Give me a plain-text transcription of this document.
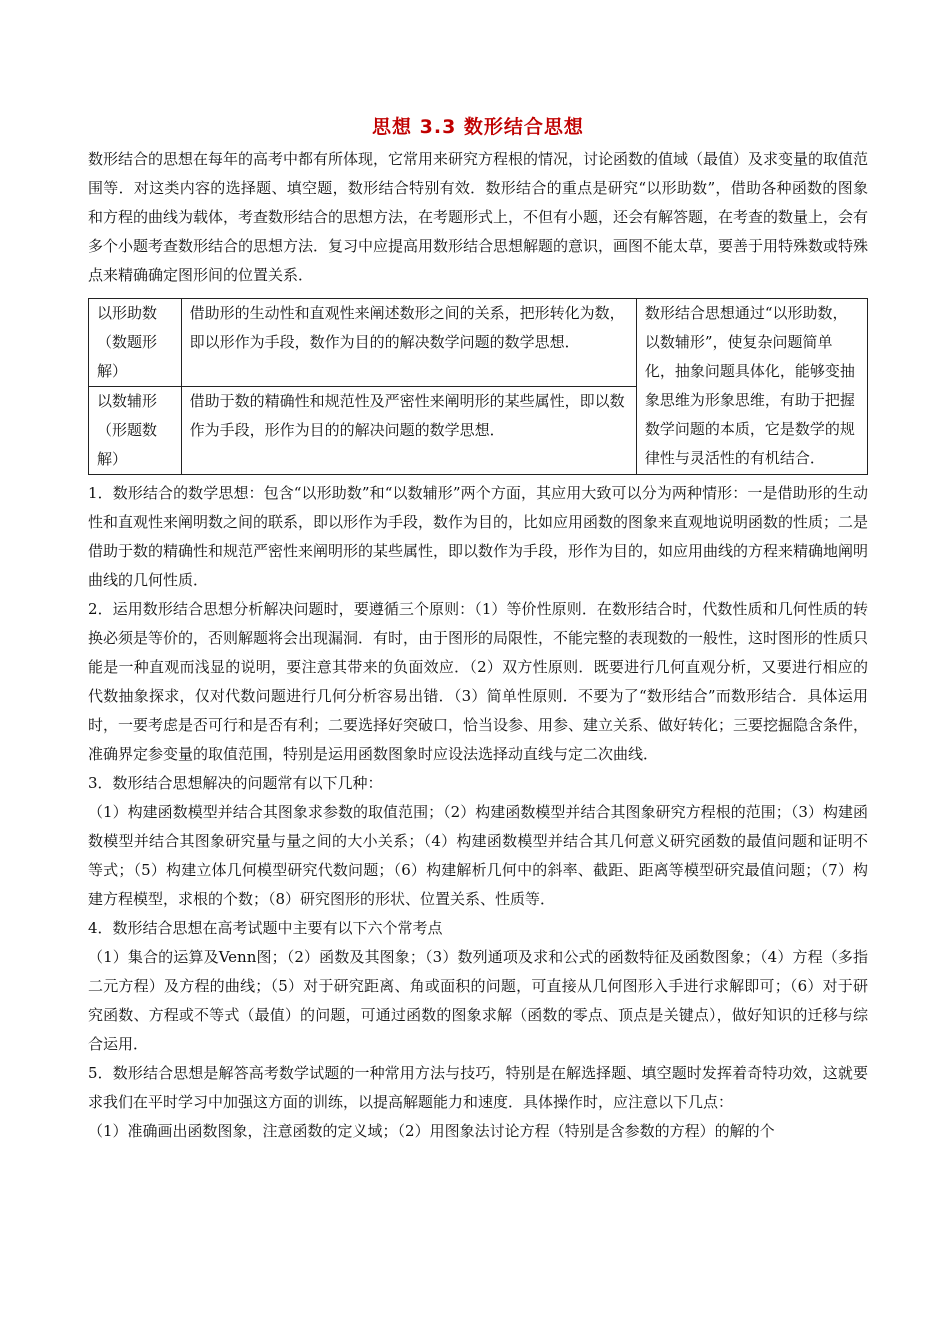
思想 3.3 数形结合思想

数形结合的思想在每年的高考中都有所体现，它常用来研究方程根的情况，讨论函数的值域（最值）及求变量的取值范围等．对这类内容的选择题、填空题，数形结合特别有效．数形结合的重点是研究“以形助数”，借助各种函数的图象和方程的曲线为载体，考查数形结合的思想方法，在考题形式上，不但有小题，还会有解答题，在考查的数量上，会有多个小题考查数形结合的思想方法．复习中应提高用数形结合思想解题的意识，画图不能太草，要善于用特殊数或特殊点来精确确定图形间的位置关系．

以形助数（数题形解）	借助形的生动性和直观性来阐述数形之间的关系，把形转化为数，即以形作为手段，数作为目的的解决数学问题的数学思想．	数形结合思想通过“以形助数，以数辅形”，使复杂问题简单化，抽象问题具体化，能够变抽象思维为形象思维，有助于把握数学问题的本质，它是数学的规律性与灵活性的有机结合．
以数辅形（形题数解）	借助于数的精确性和规范性及严密性来阐明形的某些属性，即以数作为手段，形作为目的的解决问题的数学思想．	

1．数形结合的数学思想：包含“以形助数”和“以数辅形”两个方面，其应用大致可以分为两种情形：一是借助形的生动性和直观性来阐明数之间的联系，即以形作为手段，数作为目的，比如应用函数的图象来直观地说明函数的性质；二是借助于数的精确性和规范严密性来阐明形的某些属性，即以数作为手段，形作为目的，如应用曲线的方程来精确地阐明曲线的几何性质．

2．运用数形结合思想分析解决问题时，要遵循三个原则：（1）等价性原则．在数形结合时，代数性质和几何性质的转换必须是等价的，否则解题将会出现漏洞．有时，由于图形的局限性，不能完整的表现数的一般性，这时图形的性质只能是一种直观而浅显的说明，要注意其带来的负面效应．（2）双方性原则．既要进行几何直观分析，又要进行相应的代数抽象探求，仅对代数问题进行几何分析容易出错．（3）简单性原则．不要为了“数形结合”而数形结合．具体运用时，一要考虑是否可行和是否有利；二要选择好突破口，恰当设参、用参、建立关系、做好转化；三要挖掘隐含条件，准确界定参变量的取值范围，特别是运用函数图象时应设法选择动直线与定二次曲线．

3．数形结合思想解决的问题常有以下几种：

（1）构建函数模型并结合其图象求参数的取值范围；（2）构建函数模型并结合其图象研究方程根的范围；（3）构建函数模型并结合其图象研究量与量之间的大小关系；（4）构建函数模型并结合其几何意义研究函数的最值问题和证明不等式；（5）构建立体几何模型研究代数问题；（6）构建解析几何中的斜率、截距、距离等模型研究最值问题；（7）构建方程模型，求根的个数；（8）研究图形的形状、位置关系、性质等．

4．数形结合思想在高考试题中主要有以下六个常考点

（1）集合的运算及Venn图；（2）函数及其图象；（3）数列通项及求和公式的函数特征及函数图象；（4）方程（多指二元方程）及方程的曲线；（5）对于研究距离、角或面积的问题，可直接从几何图形入手进行求解即可；（6）对于研究函数、方程或不等式（最值）的问题，可通过函数的图象求解（函数的零点、顶点是关键点），做好知识的迁移与综合运用．

5．数形结合思想是解答高考数学试题的一种常用方法与技巧，特别是在解选择题、填空题时发挥着奇特功效，这就要求我们在平时学习中加强这方面的训练，以提高解题能力和速度．具体操作时，应注意以下几点：

（1）准确画出函数图象，注意函数的定义域；（2）用图象法讨论方程（特别是含参数的方程）的解的个
